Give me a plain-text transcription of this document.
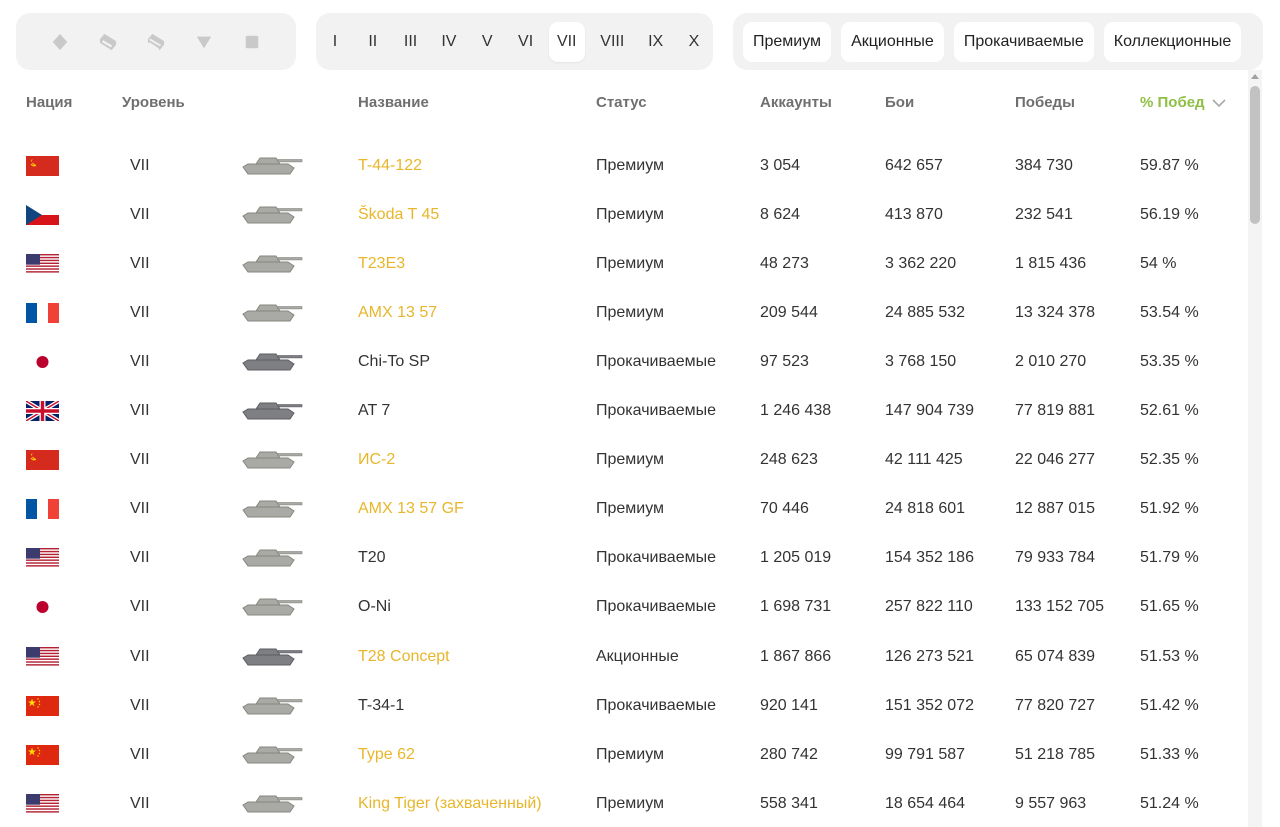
I	II	III	IV	V	VI	VII	VIII	IX	X	Премиум	Акционные	Прокачиваемые	Коллекционные
Нация	Уровень	Название	Статус	Аккаунты	Бои	Победы	% Побед
VII	T-44-122	Премиум	3 054	642 657	384 730	59.87 %
VII	Škoda T 45	Премиум	8 624	413 870	232 541	56.19 %
VII	T23E3	Премиум	48 273	3 362 220	1 815 436	54 %
VII	AMX 13 57	Премиум	209 544	24 885 532	13 324 378	53.54 %
VII	Chi-To SP	Прокачиваемые	97 523	3 768 150	2 010 270	53.35 %
VII	AT 7	Прокачиваемые	1 246 438	147 904 739	77 819 881	52.61 %
VII	ИС-2	Премиум	248 623	42 111 425	22 046 277	52.35 %
VII	AMX 13 57 GF	Премиум	70 446	24 818 601	12 887 015	51.92 %
VII	T20	Прокачиваемые	1 205 019	154 352 186	79 933 784	51.79 %
VII	O-Ni	Прокачиваемые	1 698 731	257 822 110	133 152 705 51.65 %
VII	T28 Concept	Акционные	1 867 866	126 273 521	65 074 839	51.53 %
VII	T-34-1	Прокачиваемые	920 141	151 352 072	77 820 727	51.42 %
VII	Type 62	Премиум	280 742	99 791 587	51 218 785	51.33 %
VII	King Tiger (захваченный)	Премиум	558 341	18 654 464	9 557 963	51.24 %
